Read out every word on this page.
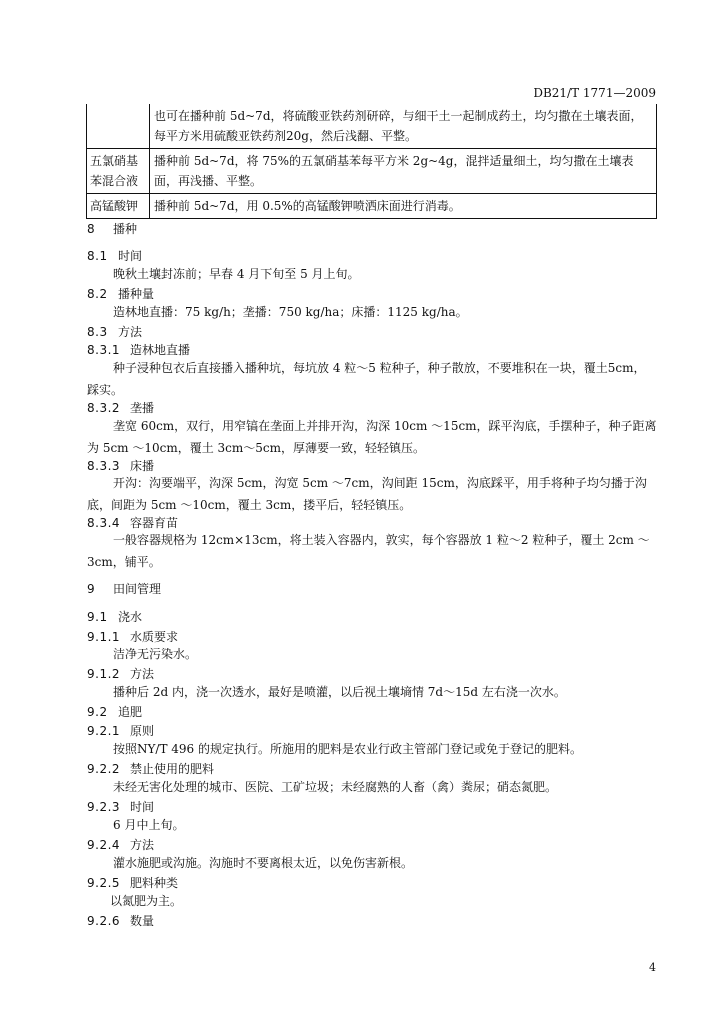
DB21/T 1771—2009
	也可在播种前 5d~7d，将硫酸亚铁药剂研碎，与细干土一起制成药土，均匀撒在土壤表面，每平方米用硫酸亚铁药剂20g，然后浅翻、平整。
五氯硝基苯混合液	播种前 5d~7d，将 75%的五氯硝基苯每平方米 2g~4g，混拌适量细土，均匀撒在土壤表面，再浅播、平整。
高锰酸钾	播种前 5d~7d，用 0.5%的高锰酸钾喷洒床面进行消毒。
8 播种
8.1 时间
晚秋土壤封冻前；早春 4 月下旬至 5 月上旬。
8.2 播种量
造林地直播：75 kg/h；垄播：750 kg/ha；床播：1125 kg/ha。
8.3 方法
8.3.1 造林地直播
种子浸种包衣后直接播入播种坑，每坑放 4 粒～5 粒种子，种子散放，不要堆积在一块，覆土5cm，踩实。
8.3.2 垄播
垄宽 60cm，双行，用窄镐在垄面上并排开沟，沟深 10cm ～15cm，踩平沟底，手摆种子，种子距离为 5cm ～10cm，覆土 3cm～5cm，厚薄要一致，轻轻镇压。
8.3.3 床播
开沟：沟要端平，沟深 5cm，沟宽 5cm ～7cm，沟间距 15cm，沟底踩平，用手将种子均匀播于沟底，间距为 5cm ～10cm，覆土 3cm，搂平后，轻轻镇压。
8.3.4 容器育苗
一般容器规格为 12cm×13cm，将土装入容器内，敦实，每个容器放 1 粒～2 粒种子，覆土 2cm ～3cm，铺平。
9 田间管理
9.1 浇水
9.1.1 水质要求
洁净无污染水。
9.1.2 方法
播种后 2d 内，浇一次透水，最好是喷灌，以后视土壤墒情 7d～15d 左右浇一次水。
9.2 追肥
9.2.1 原则
按照NY/T 496 的规定执行。所施用的肥料是农业行政主管部门登记或免于登记的肥料。
9.2.2 禁止使用的肥料
未经无害化处理的城市、医院、工矿垃圾；未经腐熟的人畜（禽）粪尿；硝态氮肥。
9.2.3 时间
6 月中上旬。
9.2.4 方法
灌水施肥或沟施。沟施时不要离根太近，以免伤害新根。
9.2.5 肥料种类
以氮肥为主。
9.2.6 数量
4
